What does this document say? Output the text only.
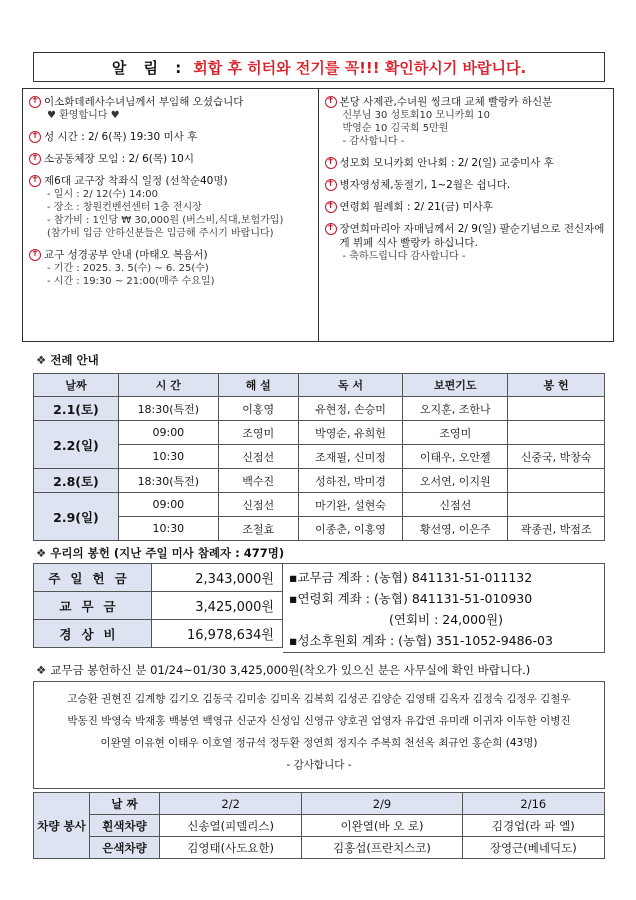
알 림 : 회합 후 히터와 전기를 꼭!!! 확인하시기 바랍니다.
✝ 이소화데레사수녀님께서 부임해 오셨습니다
♥ 환영합니다 ♥
✝ 성 시간 : 2/ 6(목) 19:30 미사 후
✝ 소공동체장 모임 : 2/ 6(목) 10시
✝ 제6대 교구장 착좌식 일정 (선착순40명)
- 일시 : 2/ 12(수) 14:00
- 장소 : 창원컨벤션센터 1층 전시장
- 참가비 : 1인당 ₩ 30,000원 (버스비,식대,보험가입)
(참가비 입금 안하신분들은 입금해 주시기 바랍니다)
✝ 교구 성경공부 안내 (마태오 복음서)
- 기간 : 2025. 3. 5(수) ~ 6. 25(수)
- 시간 : 19:30 ~ 21:00(매주 수요일)
✝ 본당 사제관,수녀원 씽크대 교체 빨랑카 하신분
신부님 30 성토회10 모니카회 10
박영순 10 김국희 5만원
- 감사합니다 -
✝ 성모회 모니카회 안나회 : 2/ 2(일) 교중미사 후
✝ 병자영성체,동절기, 1~2월은 쉽니다.
✝ 연령회 월례회 : 2/ 21(금) 미사후
✝ 장연희마리아 자매님께서 2/ 9(일) 팔순기념으로 전신자에게 뷔페 식사 빨랑카 하십니다.
- 축하드립니다 감사합니다 -
❖ 전례 안내
날짜	시 간	해 설	독 서	보편기도	봉 헌
2.1(토)	18:30(특전)	이홍영	유현정, 손승미	오지훈, 조한나	
2.2(일)	09:00	조영미	박영순, 유희헌	조영미	
	10:30	신점선	조재필, 신미정	이태우, 오안젤	신중국, 박창숙
2.8(토)	18:30(특전)	백수진	성하진, 박미경	오서연, 이지원	
2.9(일)	09:00	신점선	마기완, 설현숙	신점선	
	10:30	조철효	이종춘, 이홍영	황선영, 이은주	곽종권, 박점조
❖ 우리의 봉헌 (지난 주일 미사 참례자 : 477명)
주일헌금	2,343,000원
교무금	3,425,000원
경상비	16,978,634원
▪교무금 계좌 : (농협) 841131-51-011132
▪연령회 계좌 : (농협) 841131-51-010930
(연회비 : 24,000원)
▪성소후원회 계좌 : (농협) 351-1052-9486-03
❖ 교무금 봉헌하신 분 01/24~01/30 3,425,000원(착오가 있으신 분은 사무실에 확인 바랍니다.)
고승환 권현진 김계향 김기오 김동국 김미송 김미옥 김복희 김성곤 김양순 김영태 김옥자 김정숙 김정우 김철우
박동진 박영숙 박재홍 백봉연 백영규 신군자 신성임 신영규 양호권 엄영자 유갑연 유미래 이귀자 이두한 이병진
이완열 이유현 이태우 이호열 정규석 정두환 정연희 정지수 주복희 천선옥 최규언 홍순희 (43명)
- 감사합니다 -
차량 봉사	날 짜	2/2	2/9	2/16
	흰색차량	신송열(피델리스)	이완열(바 오 로)	김경업(라 파 엘)
	은색차량	김영태(사도요한)	김홍섭(프란치스코)	장영근(베네딕도)
